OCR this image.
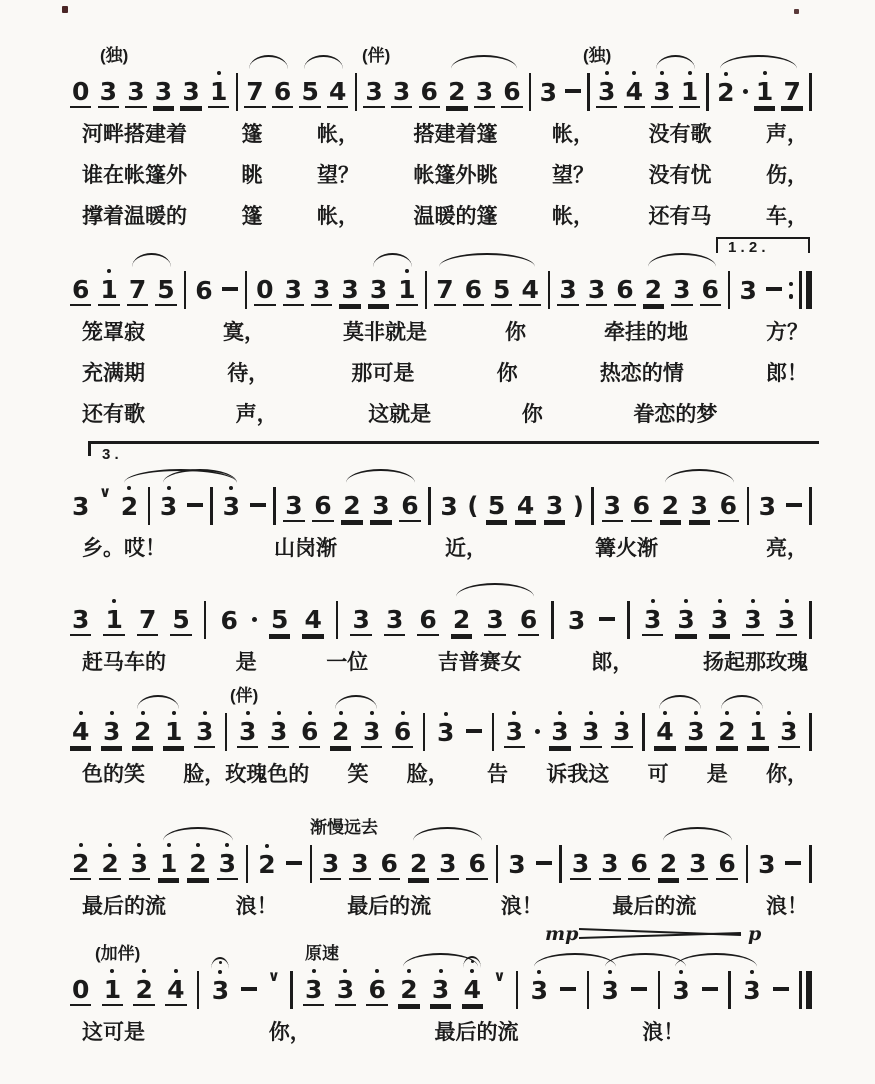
0 3 3 3 3 1 7 6 5 4 3 3 6 2 3 6 3 3 4 3 1 2 1 7
(独)	(伴)	(独)
河畔搭建着	篷	帐，	搭建着篷	帐，	没有歌	声，
谁在帐篷外	眺	望？	帐篷外眺	望？	没有忧	伤，
撑着温暖的	篷	帐，	温暖的篷	帐，	还有马	车，
6 1 7 5 6 0 3 3 3 3 1 7 6 5 4 3 3 6 2 3 6 3
笼罩寂	寞，	莫非就是	你	牵挂的地	方？
充满期	待，	那可是	你	热恋的情	郎！
还有歌	声，	这就是	你	眷恋的梦
3 ∨ 2 3 3 3 6 2 3 6 3 ( 5 4 3 ) 3 6 2 3 6 3
乡。哎！	山岗渐	近，	篝火渐	亮，
3 1 7 5 6 5 4 3 3 6 2 3 6 3 3 3 3 3 3
赶马车的	是	一位	吉普赛女	郎，	扬起那玫瑰
4 3 2 1 3 3 3 6 2 3 6 3 3 3 3 3 4 3 2 1 3
(伴)
色的笑 脸，玫瑰色的 笑 脸， 告 诉我这 可 是 你，
2 2 3 1 2 3 2 3 3 6 2 3 6 3 3 3 6 2 3 6 3
渐慢远去
最后的流	浪！	最后的流	浪！	最后的流	浪！
0 1 2 4 3	∨ 3 3 6 2 3 4 ∨ 3 3 3 3
(加伴)	原速
mp	p
这可是	你，	最后的流	浪！
1 . 2 .
3 .
